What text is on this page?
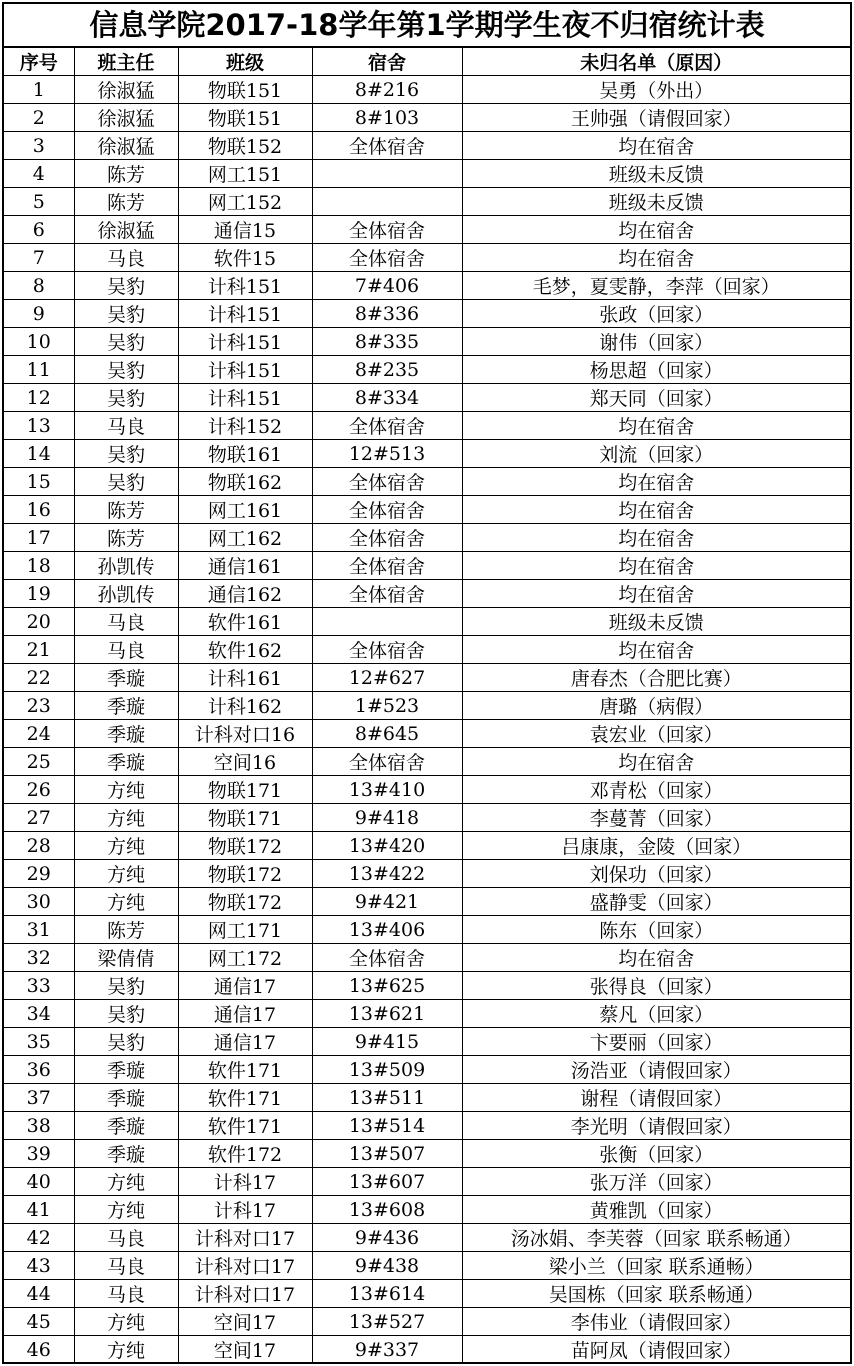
信息学院2017-18学年第1学期学生夜不归宿统计表
序号	班主任	班级	宿舍	未归名单（原因）
1	徐淑猛	物联151	8#216	吴勇（外出）
2	徐淑猛	物联151	8#103	王帅强（请假回家）
3	徐淑猛	物联152	全体宿舍	均在宿舍
4	陈芳	网工151		班级未反馈
5	陈芳	网工152		班级未反馈
6	徐淑猛	通信15	全体宿舍	均在宿舍
7	马良	软件15	全体宿舍	均在宿舍
8	吴豹	计科151	7#406	毛梦，夏雯静，李萍（回家）
9	吴豹	计科151	8#336	张政（回家）
10	吴豹	计科151	8#335	谢伟（回家）
11	吴豹	计科151	8#235	杨思超（回家）
12	吴豹	计科151	8#334	郑天同（回家）
13	马良	计科152	全体宿舍	均在宿舍
14	吴豹	物联161	12#513	刘流（回家）
15	吴豹	物联162	全体宿舍	均在宿舍
16	陈芳	网工161	全体宿舍	均在宿舍
17	陈芳	网工162	全体宿舍	均在宿舍
18	孙凯传	通信161	全体宿舍	均在宿舍
19	孙凯传	通信162	全体宿舍	均在宿舍
20	马良	软件161		班级未反馈
21	马良	软件162	全体宿舍	均在宿舍
22	季璇	计科161	12#627	唐春杰（合肥比赛）
23	季璇	计科162	1#523	唐璐（病假）
24	季璇	计科对口16	8#645	袁宏业（回家）
25	季璇	空间16	全体宿舍	均在宿舍
26	方纯	物联171	13#410	邓青松（回家）
27	方纯	物联171	9#418	李蔓菁（回家）
28	方纯	物联172	13#420	吕康康，金陵（回家）
29	方纯	物联172	13#422	刘保功（回家）
30	方纯	物联172	9#421	盛静雯（回家）
31	陈芳	网工171	13#406	陈东（回家）
32	梁倩倩	网工172	全体宿舍	均在宿舍
33	吴豹	通信17	13#625	张得良（回家）
34	吴豹	通信17	13#621	蔡凡（回家）
35	吴豹	通信17	9#415	卞要丽（回家）
36	季璇	软件171	13#509	汤浩亚（请假回家）
37	季璇	软件171	13#511	谢程（请假回家）
38	季璇	软件171	13#514	李光明（请假回家）
39	季璇	软件172	13#507	张衡（回家）
40	方纯	计科17	13#607	张万洋（回家）
41	方纯	计科17	13#608	黄雅凯（回家）
42	马良	计科对口17	9#436	汤冰娟、李芙蓉（回家 联系畅通）
43	马良	计科对口17	9#438	梁小兰（回家 联系通畅）
44	马良	计科对口17	13#614	吴国栋（回家 联系畅通）
45	方纯	空间17	13#527	李伟业（请假回家）
46	方纯	空间17	9#337	苗阿凤（请假回家）
